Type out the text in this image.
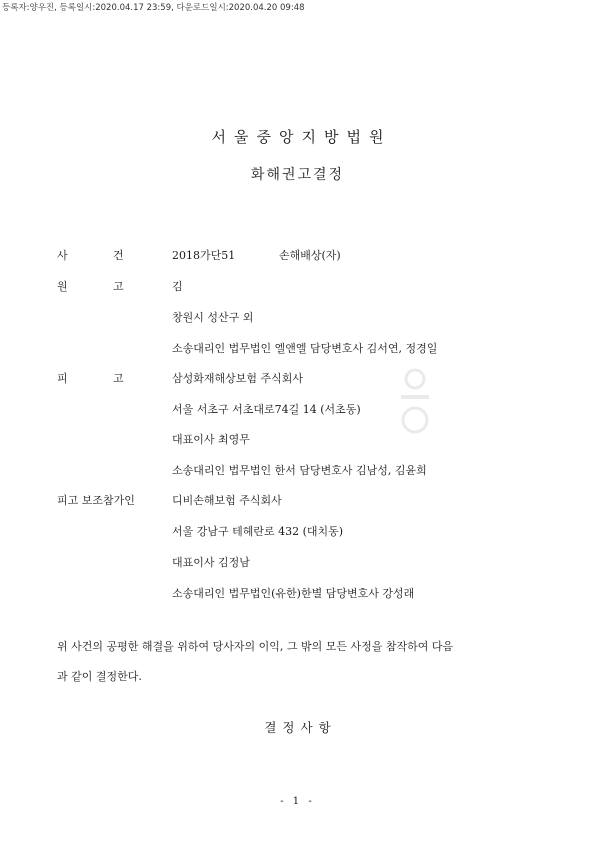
등록자:양우진, 등록일시:2020.04.17 23:59, 다운로드일시:2020.04.20 09:48
서울중앙지방법원
화해권고결정
사	건	2018가단51	손해배상(자)
원	고	김
창원시 성산구 외
소송대리인 법무법인 엘앤엘 담당변호사 김서연, 정경일
피	고	삼성화재해상보험 주식회사
서울 서초구 서초대로74길 14 (서초동)
대표이사 최영무
소송대리인 법무법인 한서 담당변호사 김남성, 김윤희
피고 보조참가인	디비손해보험 주식회사
서울 강남구 테헤란로 432 (대치동)
대표이사 김정남
소송대리인 법무법인(유한)한별 담당변호사 강성래
위 사건의 공평한 해결을 위하여 당사자의 이익, 그 밖의 모든 사정을 참작하여 다음
과 같이 결정한다.
결정사항
- 1 -
